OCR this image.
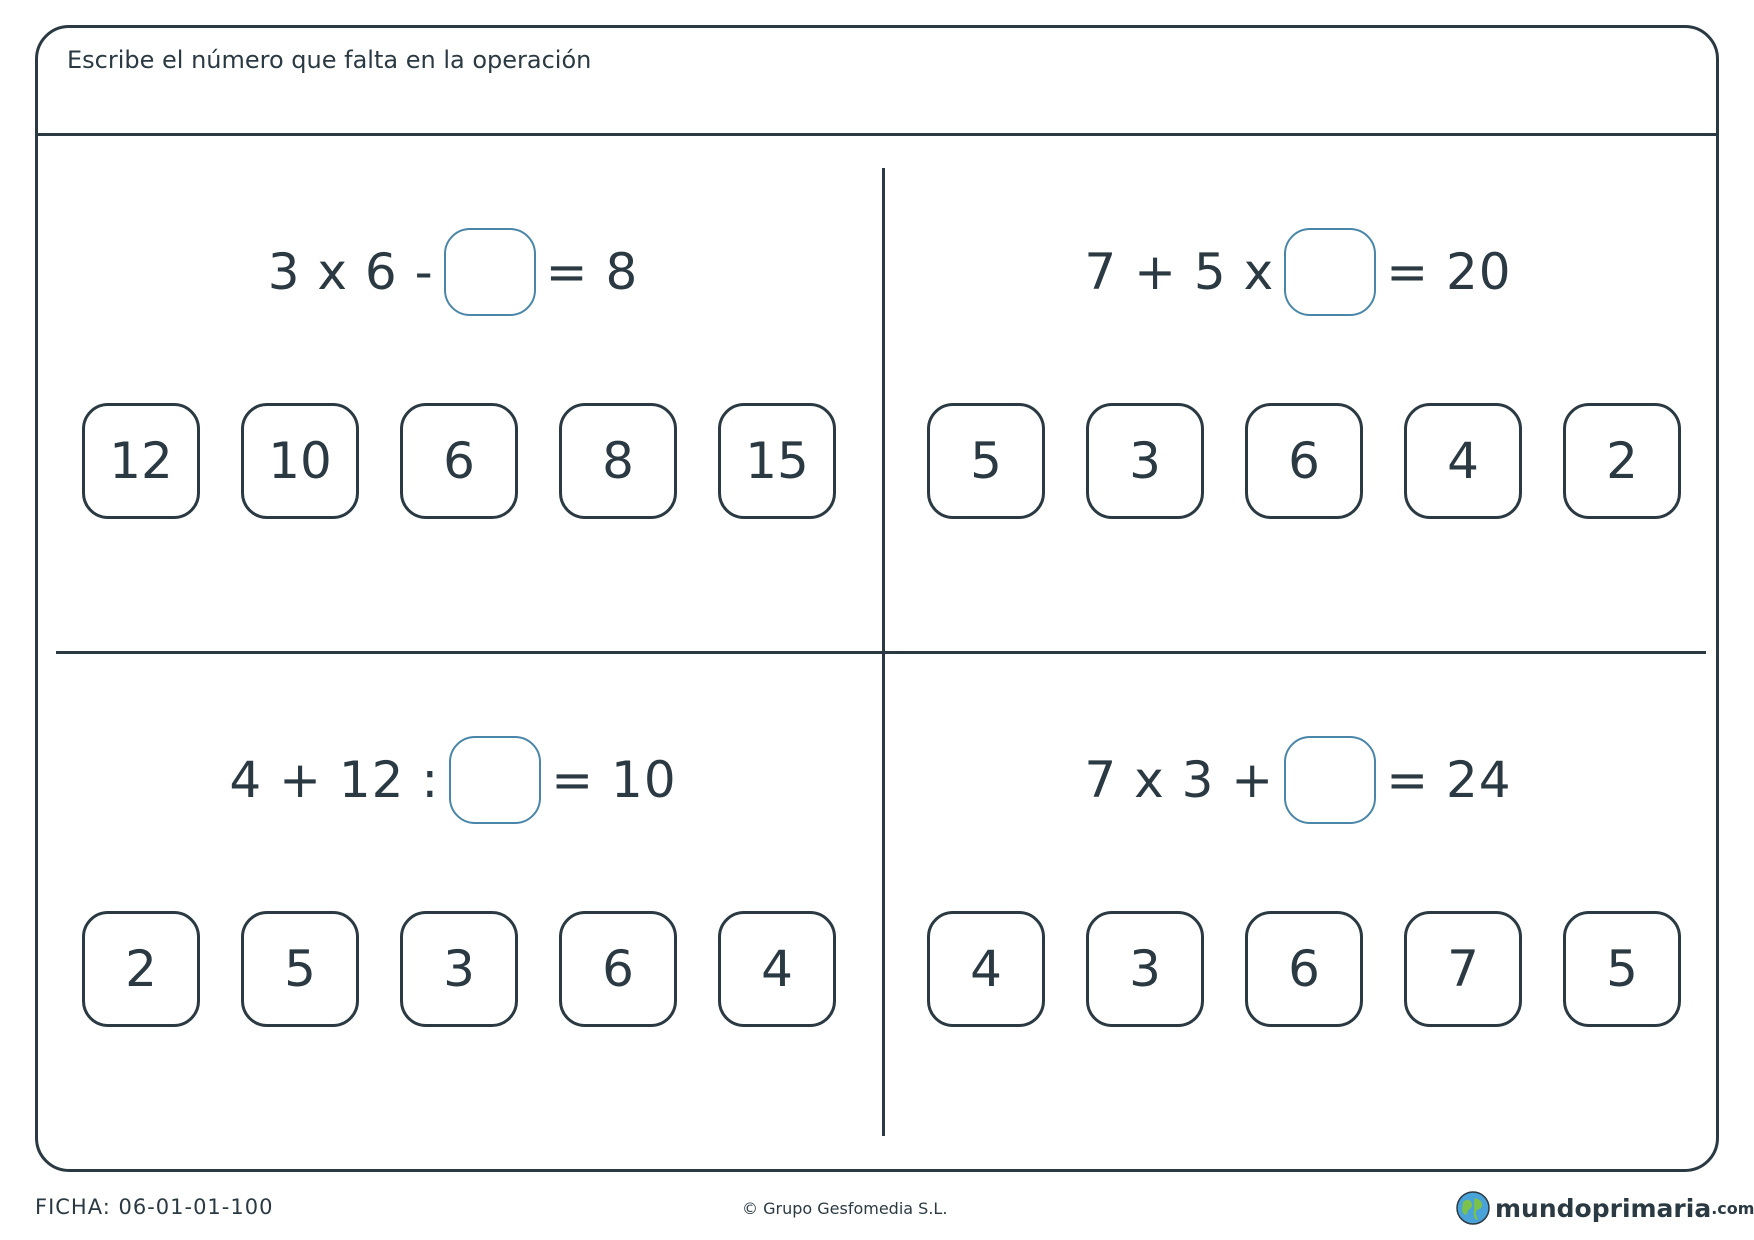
Escribe el número que falta en la operación
3 x 6 - = 8
12	10	6	8	15
7 + 5 x = 20
5	3	6	4	2
4 + 12 : = 10
2	5	3	6	4
7 x 3 + = 24
4	3	6	7	5
FICHA: 06-01-01-100	© Grupo Gesfomedia S.L.	mundoprimaria .com
